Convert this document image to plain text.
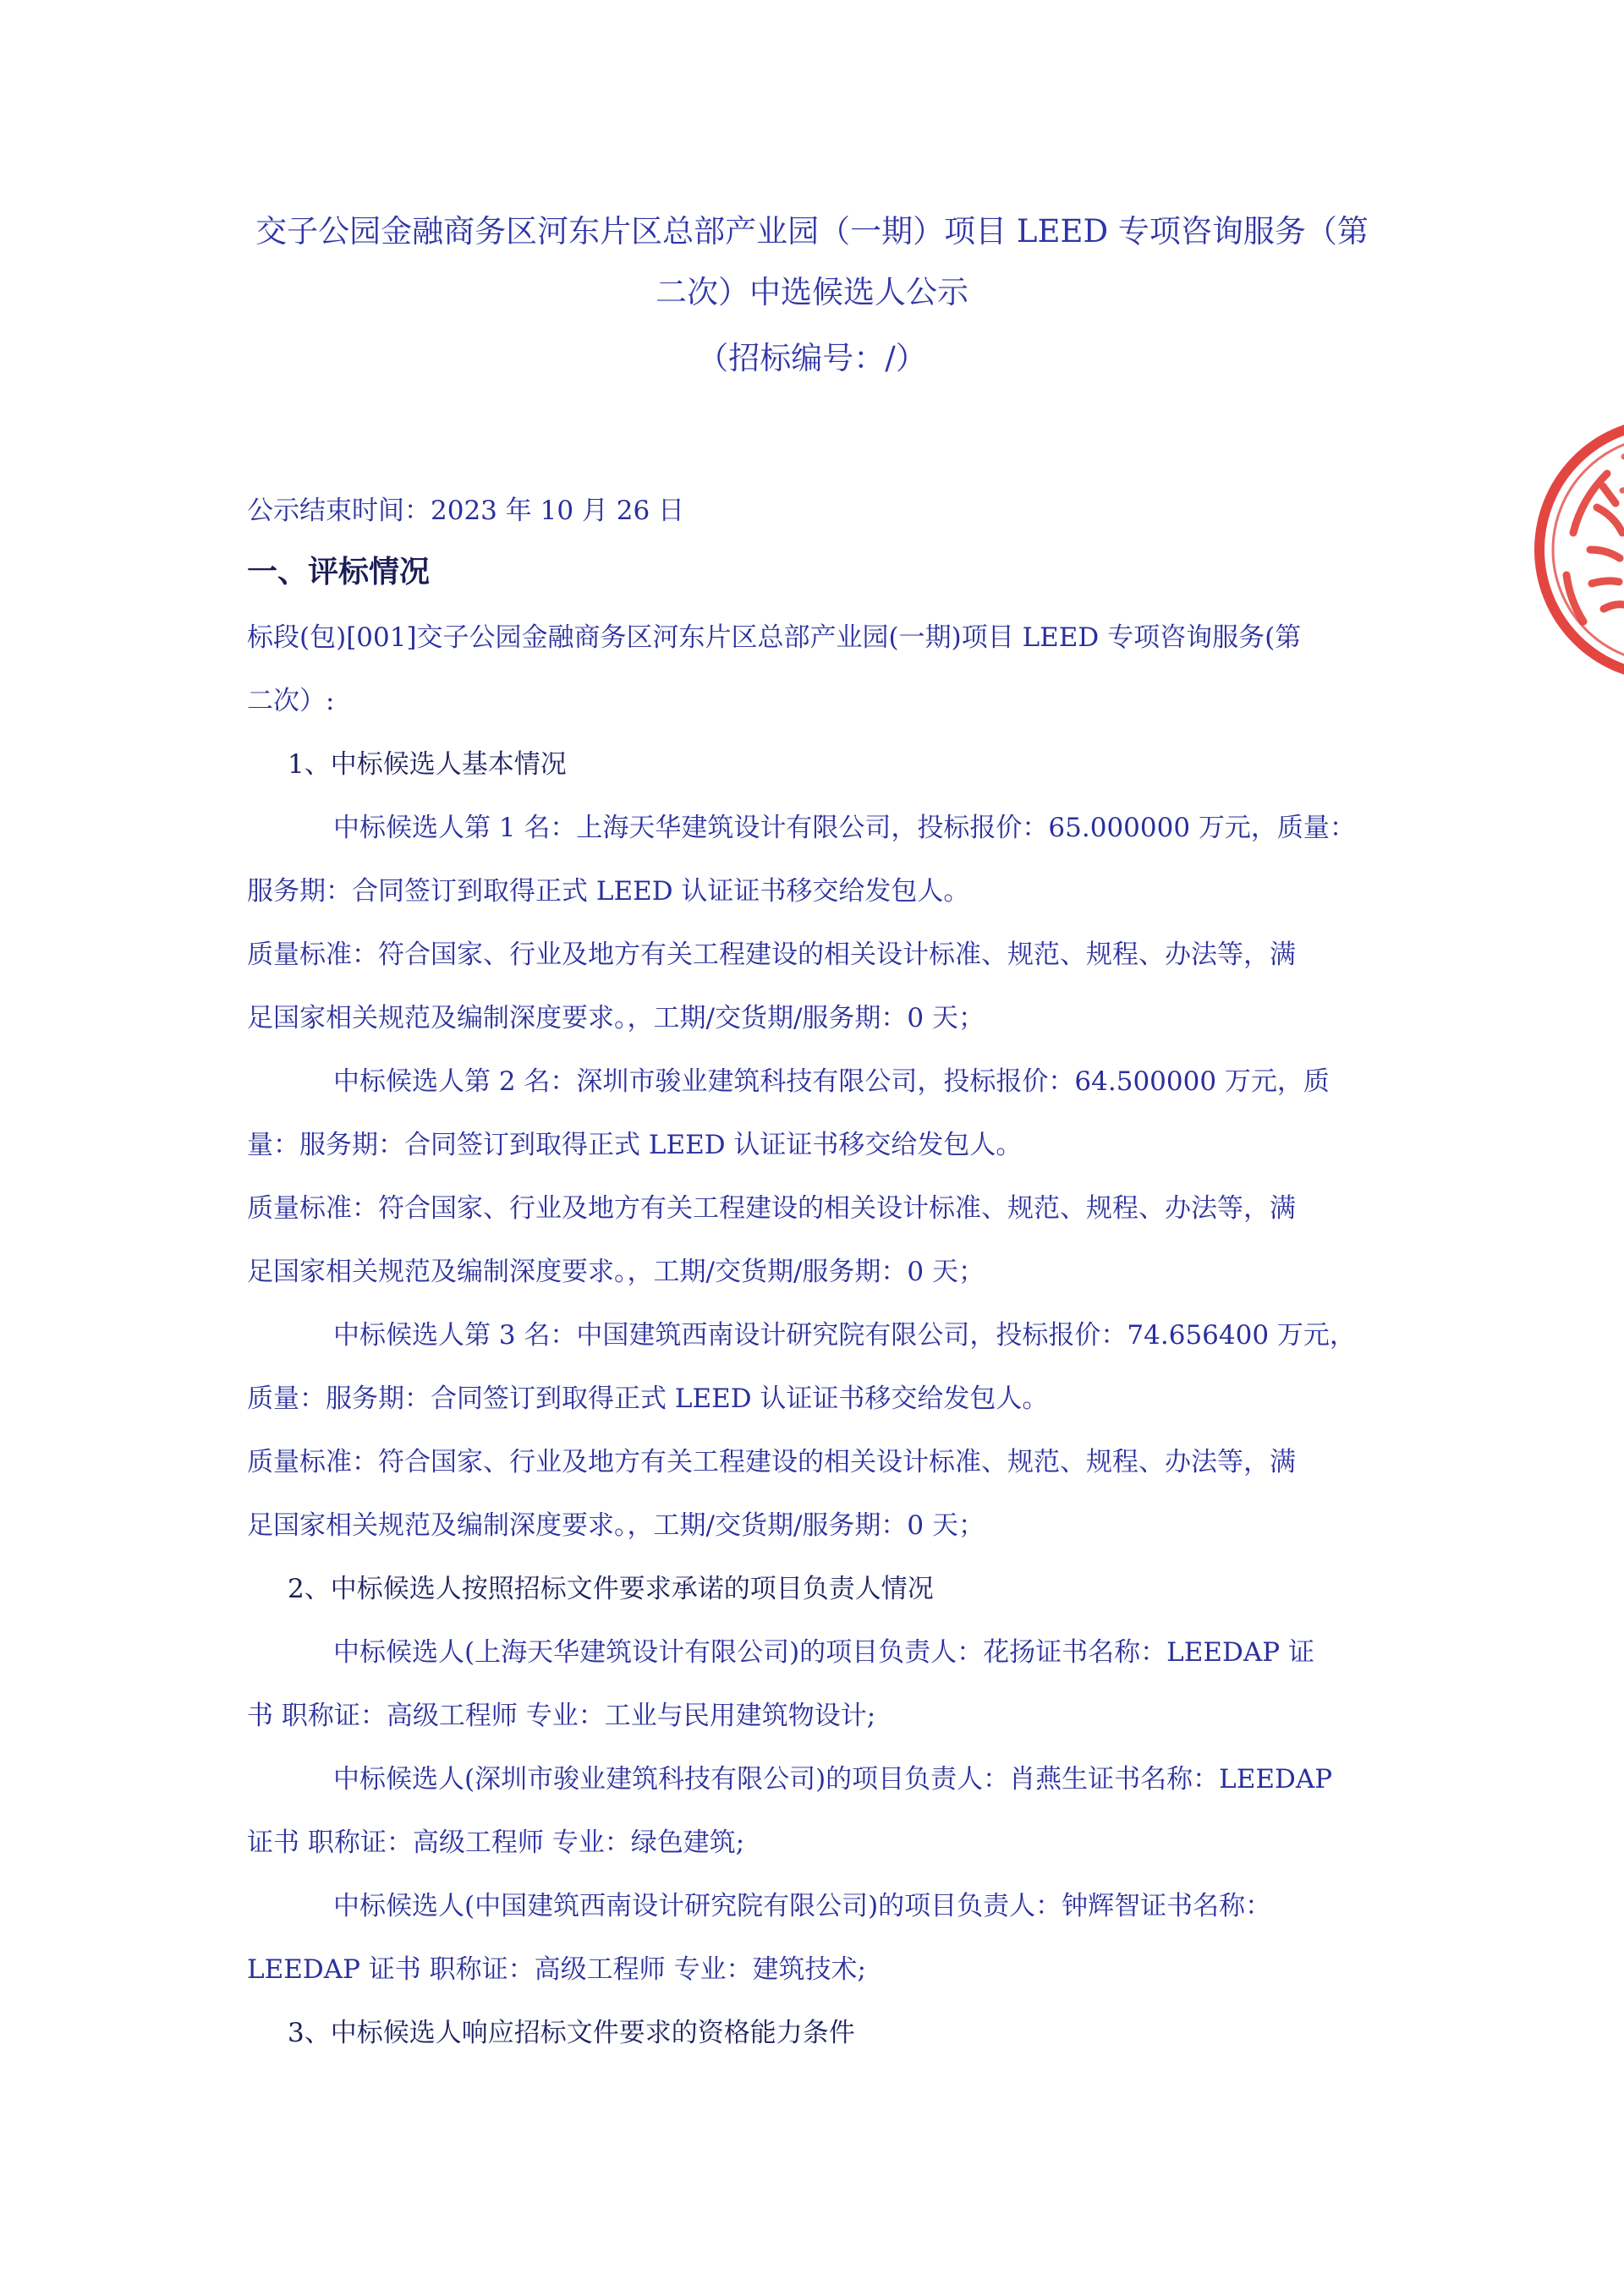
交子公园金融商务区河东片区总部产业园（一期）项目 LEED 专项咨询服务（第
二次）中选候选人公示
（招标编号：/）
公示结束时间：2023 年 10 月 26 日
一、评标情况
标段(包)[001]交子公园金融商务区河东片区总部产业园(一期)项目 LEED 专项咨询服务(第
二次）:
1、中标候选人基本情况
中标候选人第 1 名：上海天华建筑设计有限公司，投标报价：65.000000 万元，质量：
服务期：合同签订到取得正式 LEED 认证证书移交给发包人。
质量标准：符合国家、行业及地方有关工程建设的相关设计标准、规范、规程、办法等，满
足国家相关规范及编制深度要求。，工期/交货期/服务期：0 天；
中标候选人第 2 名：深圳市骏业建筑科技有限公司，投标报价：64.500000 万元，质
量：服务期：合同签订到取得正式 LEED 认证证书移交给发包人。
质量标准：符合国家、行业及地方有关工程建设的相关设计标准、规范、规程、办法等，满
足国家相关规范及编制深度要求。，工期/交货期/服务期：0 天；
中标候选人第 3 名：中国建筑西南设计研究院有限公司，投标报价：74.656400 万元，
质量：服务期：合同签订到取得正式 LEED 认证证书移交给发包人。
质量标准：符合国家、行业及地方有关工程建设的相关设计标准、规范、规程、办法等，满
足国家相关规范及编制深度要求。，工期/交货期/服务期：0 天；
2、中标候选人按照招标文件要求承诺的项目负责人情况
中标候选人(上海天华建筑设计有限公司)的项目负责人：花扬证书名称：LEEDAP 证
书 职称证：高级工程师 专业：工业与民用建筑物设计;
中标候选人(深圳市骏业建筑科技有限公司)的项目负责人：肖燕生证书名称：LEEDAP
证书 职称证：高级工程师 专业：绿色建筑;
中标候选人(中国建筑西南设计研究院有限公司)的项目负责人：钟辉智证书名称：
LEEDAP 证书 职称证：高级工程师 专业：建筑技术;
3、中标候选人响应招标文件要求的资格能力条件
